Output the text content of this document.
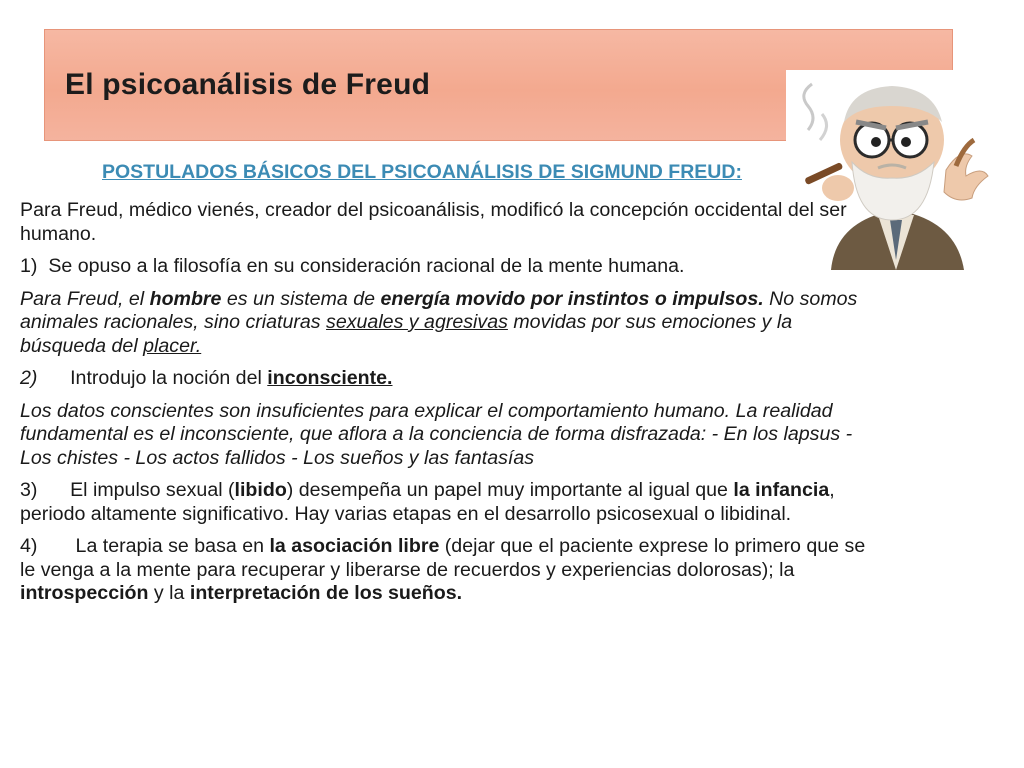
El psicoanálisis de Freud
POSTULADOS BÁSICOS DEL PSICOANÁLISIS DE SIGMUND FREUD:

Para Freud, médico vienés, creador del psicoanálisis, modificó la concepción occidental del ser humano.

1) Se opuso a la filosofía en su consideración racional de la mente humana.

Para Freud, el hombre es un sistema de energía movido por instintos o impulsos. No somos animales racionales, sino criaturas sexuales y agresivas movidas por sus emociones y la búsqueda del placer.

2) Introdujo la noción del inconsciente.

Los datos conscientes son insuficientes para explicar el comportamiento humano. La realidad fundamental es el inconsciente, que aflora a la conciencia de forma disfrazada: - En los lapsus - Los chistes - Los actos fallidos - Los sueños y las fantasías

3) El impulso sexual (libido) desempeña un papel muy importante al igual que la infancia, periodo altamente significativo. Hay varias etapas en el desarrollo psicosexual o libidinal.

4) La terapia se basa en la asociación libre (dejar que el paciente exprese lo primero que se le venga a la mente para recuperar y liberarse de recuerdos y experiencias dolorosas); la introspección y la interpretación de los sueños.
